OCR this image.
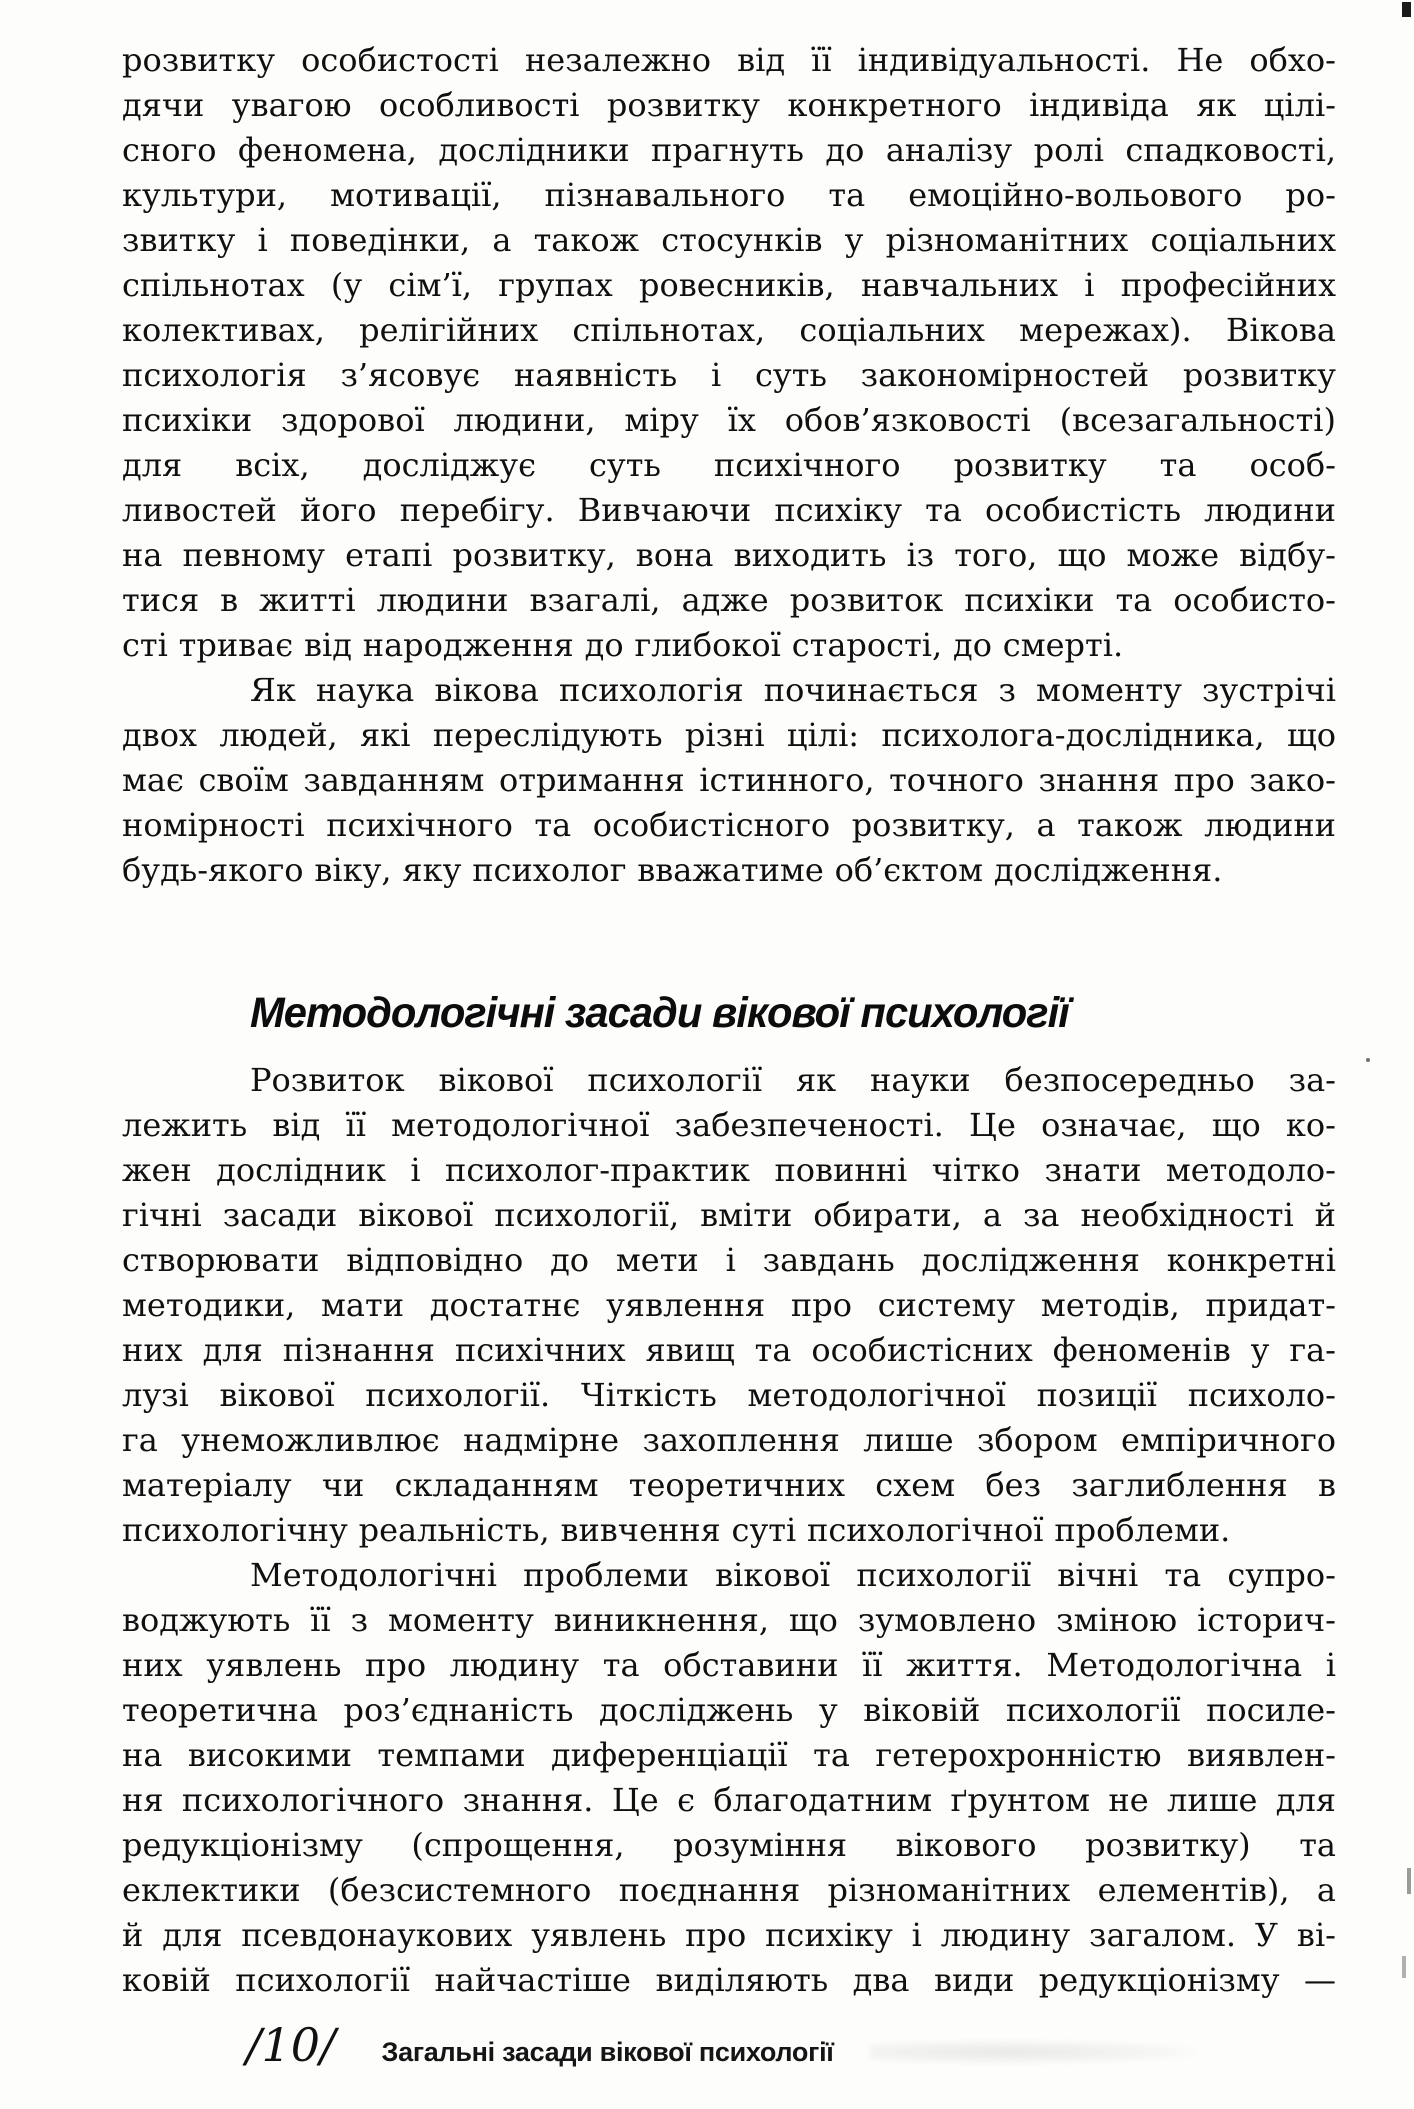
розвитку особистості незалежно від її індивідуальності. Не обхо-
дячи увагою особливості розвитку конкретного індивіда як цілі-
сного феномена, дослідники прагнуть до аналізу ролі спадковості,
культури, мотивації, пізнавального та емоційно-вольового ро-
звитку і поведінки, а також стосунків у різноманітних соціальних
спільнотах (у сім’ї, групах ровесників, навчальних і професійних
колективах, релігійних спільнотах, соціальних мережах). Вікова
психологія з’ясовує наявність і суть закономірностей розвитку
психіки здорової людини, міру їх обов’язковості (всезагальності)
для всіх, досліджує суть психічного розвитку та особ-
ливостей його перебігу. Вивчаючи психіку та особистість людини
на певному етапі розвитку, вона виходить із того, що може відбу-
тися в житті людини взагалі, адже розвиток психіки та особисто-
сті триває від народження до глибокої старості, до смерті.
Як наука вікова психологія починається з моменту зустрічі
двох людей, які переслідують різні цілі: психолога-дослідника, що
має своїм завданням отримання істинного, точного знання про зако-
номірності психічного та особистісного розвитку, а також людини
будь-якого віку, яку психолог вважатиме об’єктом дослідження.
Методологічні засади вікової психології
Розвиток вікової психології як науки безпосередньо за-
лежить від її методологічної забезпеченості. Це означає, що ко-
жен дослідник і психолог-практик повинні чітко знати методоло-
гічні засади вікової психології, вміти обирати, а за необхідності й
створювати відповідно до мети і завдань дослідження конкретні
методики, мати достатнє уявлення про систему методів, придат-
них для пізнання психічних явищ та особистісних феноменів у га-
лузі вікової психології. Чіткість методологічної позиції психоло-
га унеможливлює надмірне захоплення лише збором емпіричного
матеріалу чи складанням теоретичних схем без заглиблення в
психологічну реальність, вивчення суті психологічної проблеми.
Методологічні проблеми вікової психології вічні та супро-
воджують її з моменту виникнення, що зумовлено зміною історич-
них уявлень про людину та обставини її життя. Методологічна і
теоретична роз’єднаність досліджень у віковій психології посиле-
на високими темпами диференціації та гетерохронністю виявлен-
ня психологічного знання. Це є благодатним ґрунтом не лише для
редукціонізму (спрощення, розуміння вікового розвитку) та
еклектики (безсистемного поєднання різноманітних елементів), а
й для псевдонаукових уявлень про психіку і людину загалом. У ві-
ковій психології найчастіше виділяють два види редукціонізму —
/10/ Загальні засади вікової психології
